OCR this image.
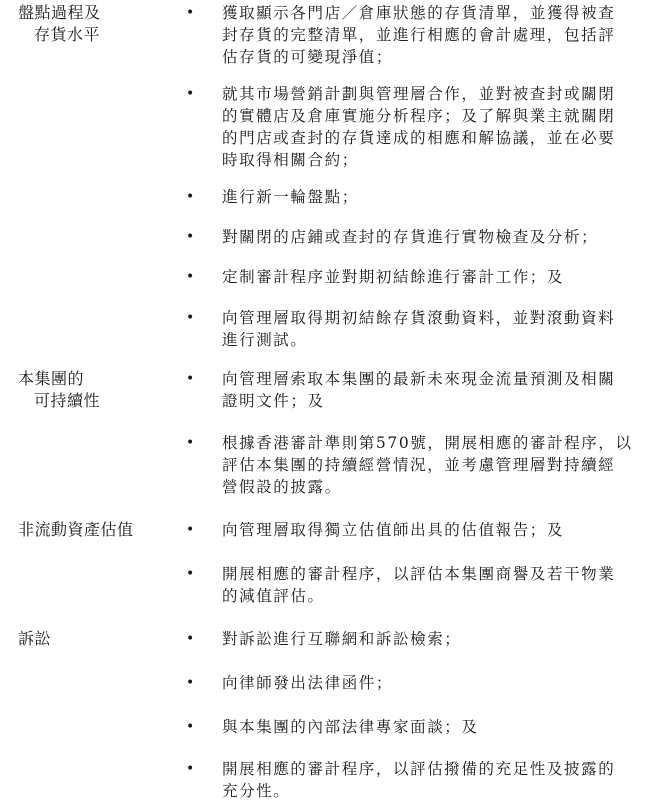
盤點過程及
存貨水平
• 獲取顯示各門店／倉庫狀態的存貨清單，並獲得被查
封存貨的完整清單，並進行相應的會計處理，包括評
估存貨的可變現淨值；
• 就其市場營銷計劃與管理層合作，並對被查封或關閉
的實體店及倉庫實施分析程序；及了解與業主就關閉
的門店或查封的存貨達成的相應和解協議，並在必要
時取得相關合約；
• 進行新一輪盤點；
• 對關閉的店鋪或查封的存貨進行實物檢查及分析；
• 定制審計程序並對期初結餘進行審計工作；及
• 向管理層取得期初結餘存貨滾動資料，並對滾動資料
進行測試。
本集團的
可持續性
• 向管理層索取本集團的最新未來現金流量預測及相關
證明文件；及
• 根據香港審計準則第570號，開展相應的審計程序，以
評估本集團的持續經營情況，並考慮管理層對持續經
營假設的披露。
非流動資產估值	• 向管理層取得獨立估值師出具的估值報告；及
• 開展相應的審計程序，以評估本集團商譽及若干物業
的減值評估。
訴訟	• 對訴訟進行互聯網和訴訟檢索；
• 向律師發出法律函件；
• 與本集團的內部法律專家面談；及
• 開展相應的審計程序，以評估撥備的充足性及披露的
充分性。
